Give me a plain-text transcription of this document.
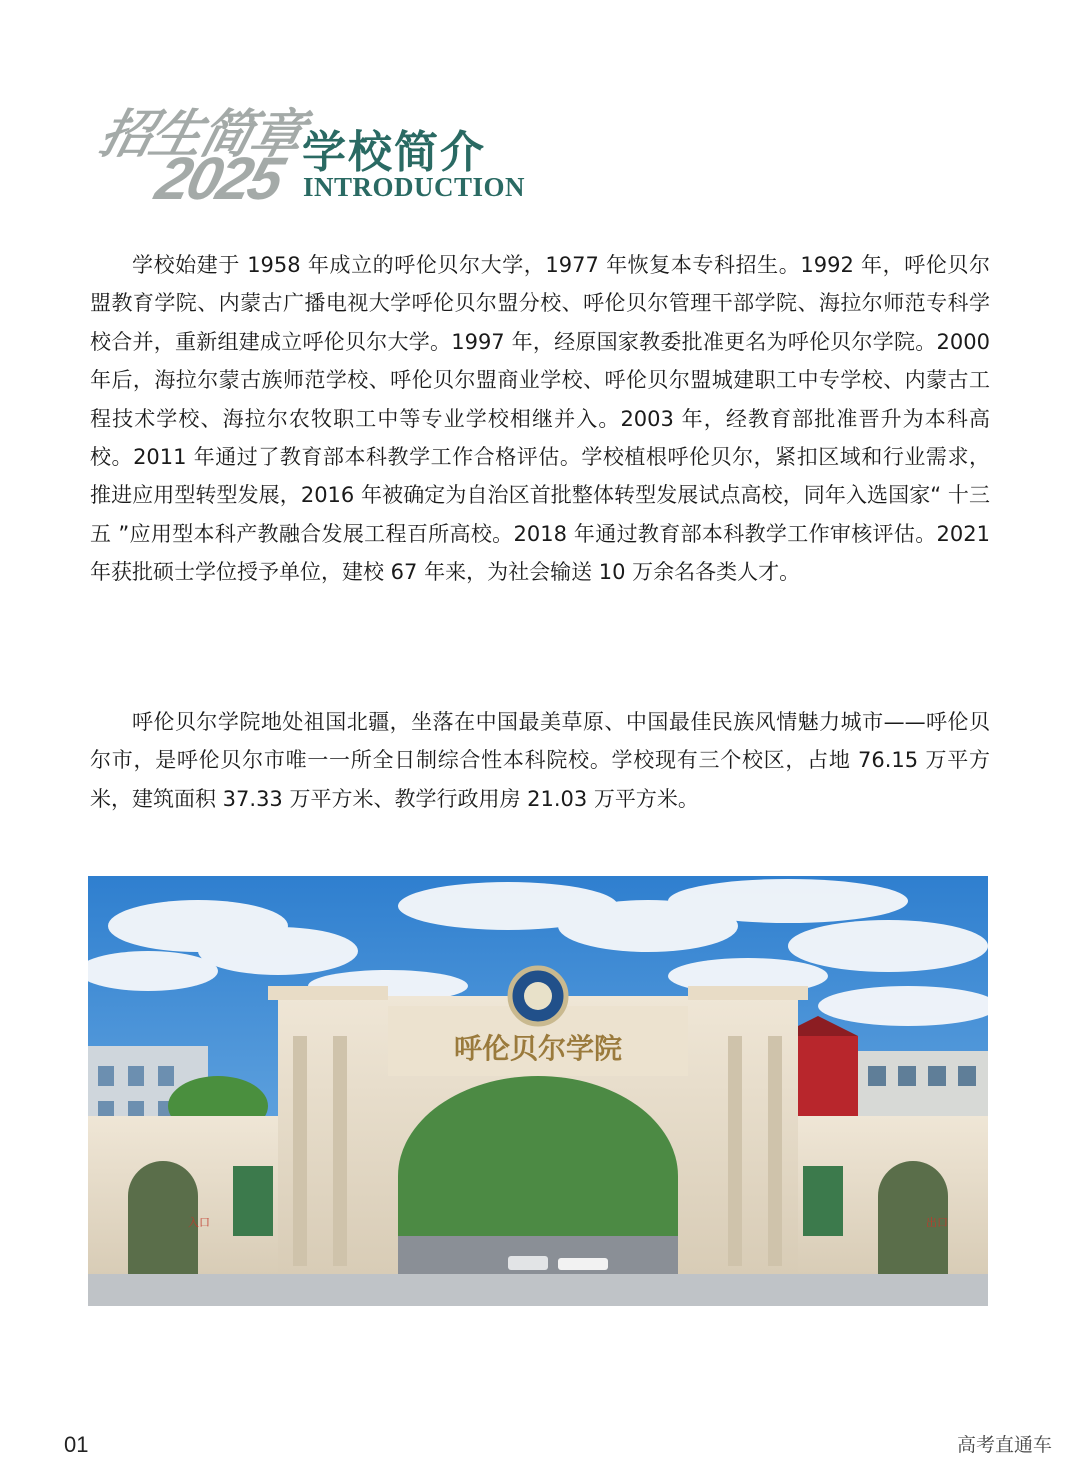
招生简章
2025 学校简介
INTRODUCTION

学校始建于 1958 年成立的呼伦贝尔大学，1977 年恢复本专科招生。1992 年，呼伦贝尔盟教育学院、内蒙古广播电视大学呼伦贝尔盟分校、呼伦贝尔管理干部学院、海拉尔师范专科学校合并，重新组建成立呼伦贝尔大学。1997 年，经原国家教委批准更名为呼伦贝尔学院。2000 年后，海拉尔蒙古族师范学校、呼伦贝尔盟商业学校、呼伦贝尔盟城建职工中专学校、内蒙古工程技术学校、海拉尔农牧职工中等专业学校相继并入。2003 年，经教育部批准晋升为本科高校。2011 年通过了教育部本科教学工作合格评估。学校植根呼伦贝尔，紧扣区域和行业需求，推进应用型转型发展，2016 年被确定为自治区首批整体转型发展试点高校，同年入选国家“ 十三五 ”应用型本科产教融合发展工程百所高校。2018 年通过教育部本科教学工作审核评估。2021 年获批硕士学位授予单位，建校 67 年来，为社会输送 10 万余名各类人才。

呼伦贝尔学院地处祖国北疆，坐落在中国最美草原、中国最佳民族风情魅力城市——呼伦贝尔市，是呼伦贝尔市唯一一所全日制综合性本科院校。学校现有三个校区，占地 76.15 万平方米，建筑面积 37.33 万平方米、教学行政用房 21.03 万平方米。

呼伦贝尔学院
入口	出口
01	高考直通车
